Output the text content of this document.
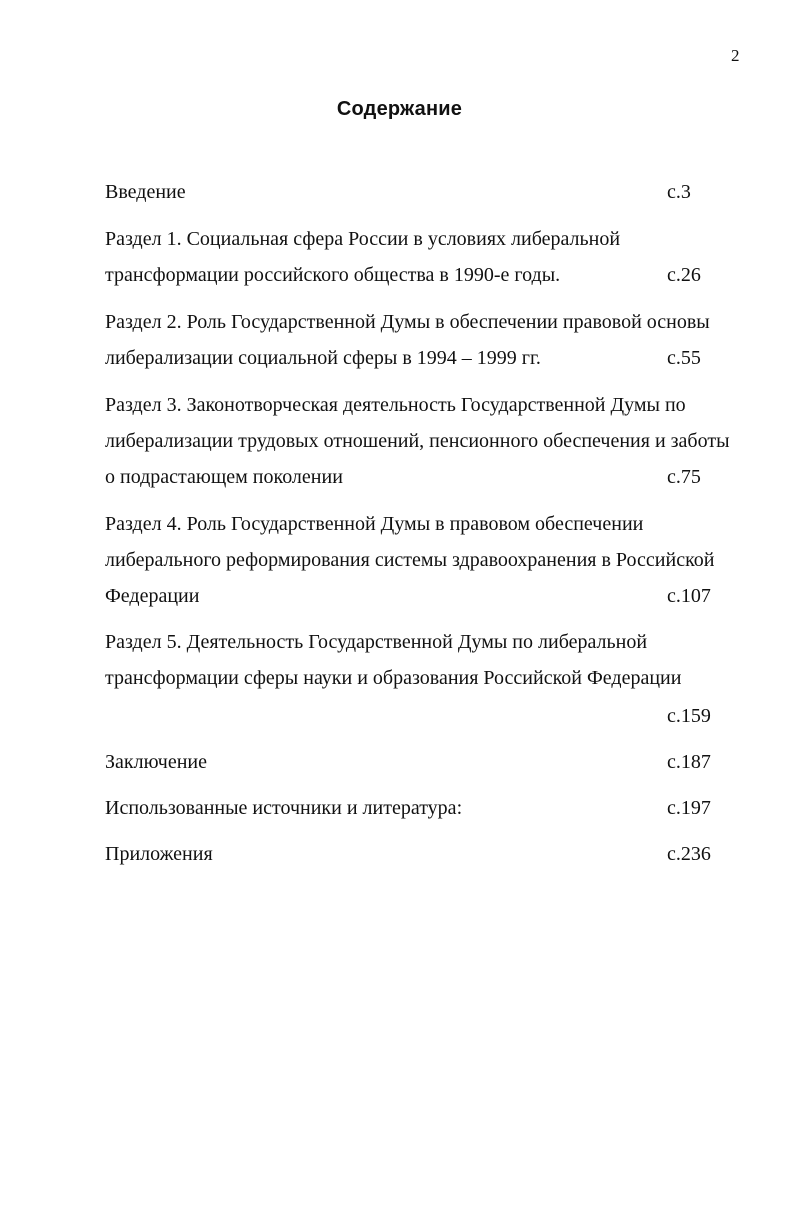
2
Содержание
Введение	с.3
Раздел 1. Социальная сфера России в условиях либеральной
трансформации российского общества в 1990-е годы.	с.26
Раздел 2. Роль Государственной Думы в обеспечении правовой основы
либерализации социальной сферы в 1994 – 1999 гг.	с.55
Раздел 3. Законотворческая деятельность Государственной Думы по
либерализации трудовых отношений, пенсионного обеспечения и заботы
о подрастающем поколении	с.75
Раздел 4. Роль Государственной Думы в правовом обеспечении
либерального реформирования системы здравоохранения в Российской
Федерации	с.107
Раздел 5. Деятельность Государственной Думы по либеральной
трансформации сферы науки и образования Российской Федерации
с.159
Заключение	с.187
Использованные источники и литература:	с.197
Приложения	с.236
